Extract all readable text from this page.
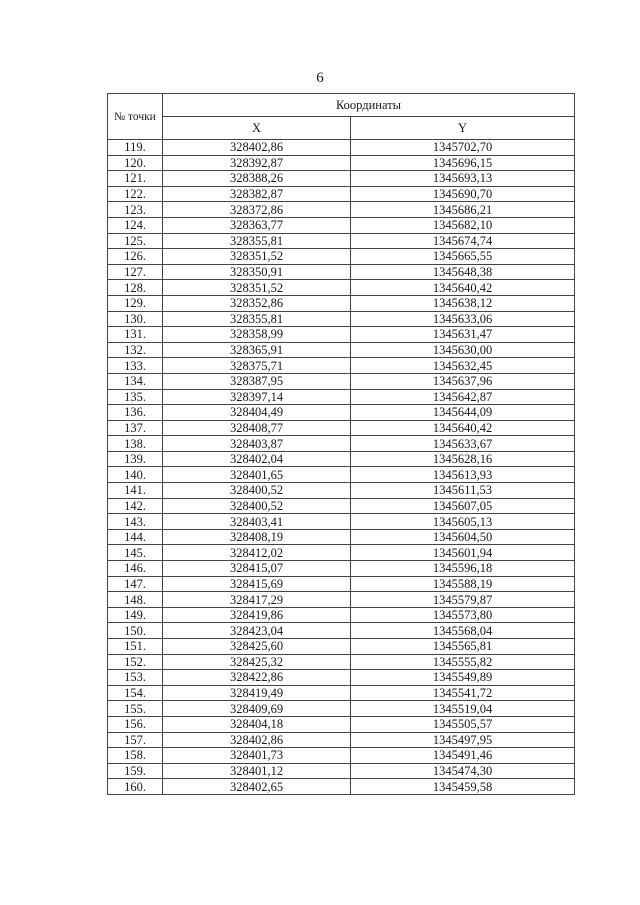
6
№ точки	Координаты	
	X	Y
119.	328402,86	1345702,70
120.	328392,87	1345696,15
121.	328388,26	1345693,13
122.	328382,87	1345690,70
123.	328372,86	1345686,21
124.	328363,77	1345682,10
125.	328355,81	1345674,74
126.	328351,52	1345665,55
127.	328350,91	1345648,38
128.	328351,52	1345640,42
129.	328352,86	1345638,12
130.	328355,81	1345633,06
131.	328358,99	1345631,47
132.	328365,91	1345630,00
133.	328375,71	1345632,45
134.	328387,95	1345637,96
135.	328397,14	1345642,87
136.	328404,49	1345644,09
137.	328408,77	1345640,42
138.	328403,87	1345633,67
139.	328402,04	1345628,16
140.	328401,65	1345613,93
141.	328400,52	1345611,53
142.	328400,52	1345607,05
143.	328403,41	1345605,13
144.	328408,19	1345604,50
145.	328412,02	1345601,94
146.	328415,07	1345596,18
147.	328415,69	1345588,19
148.	328417,29	1345579,87
149.	328419,86	1345573,80
150.	328423,04	1345568,04
151.	328425,60	1345565,81
152.	328425,32	1345555,82
153.	328422,86	1345549,89
154.	328419,49	1345541,72
155.	328409,69	1345519,04
156.	328404,18	1345505,57
157.	328402,86	1345497,95
158.	328401,73	1345491,46
159.	328401,12	1345474,30
160.	328402,65	1345459,58
